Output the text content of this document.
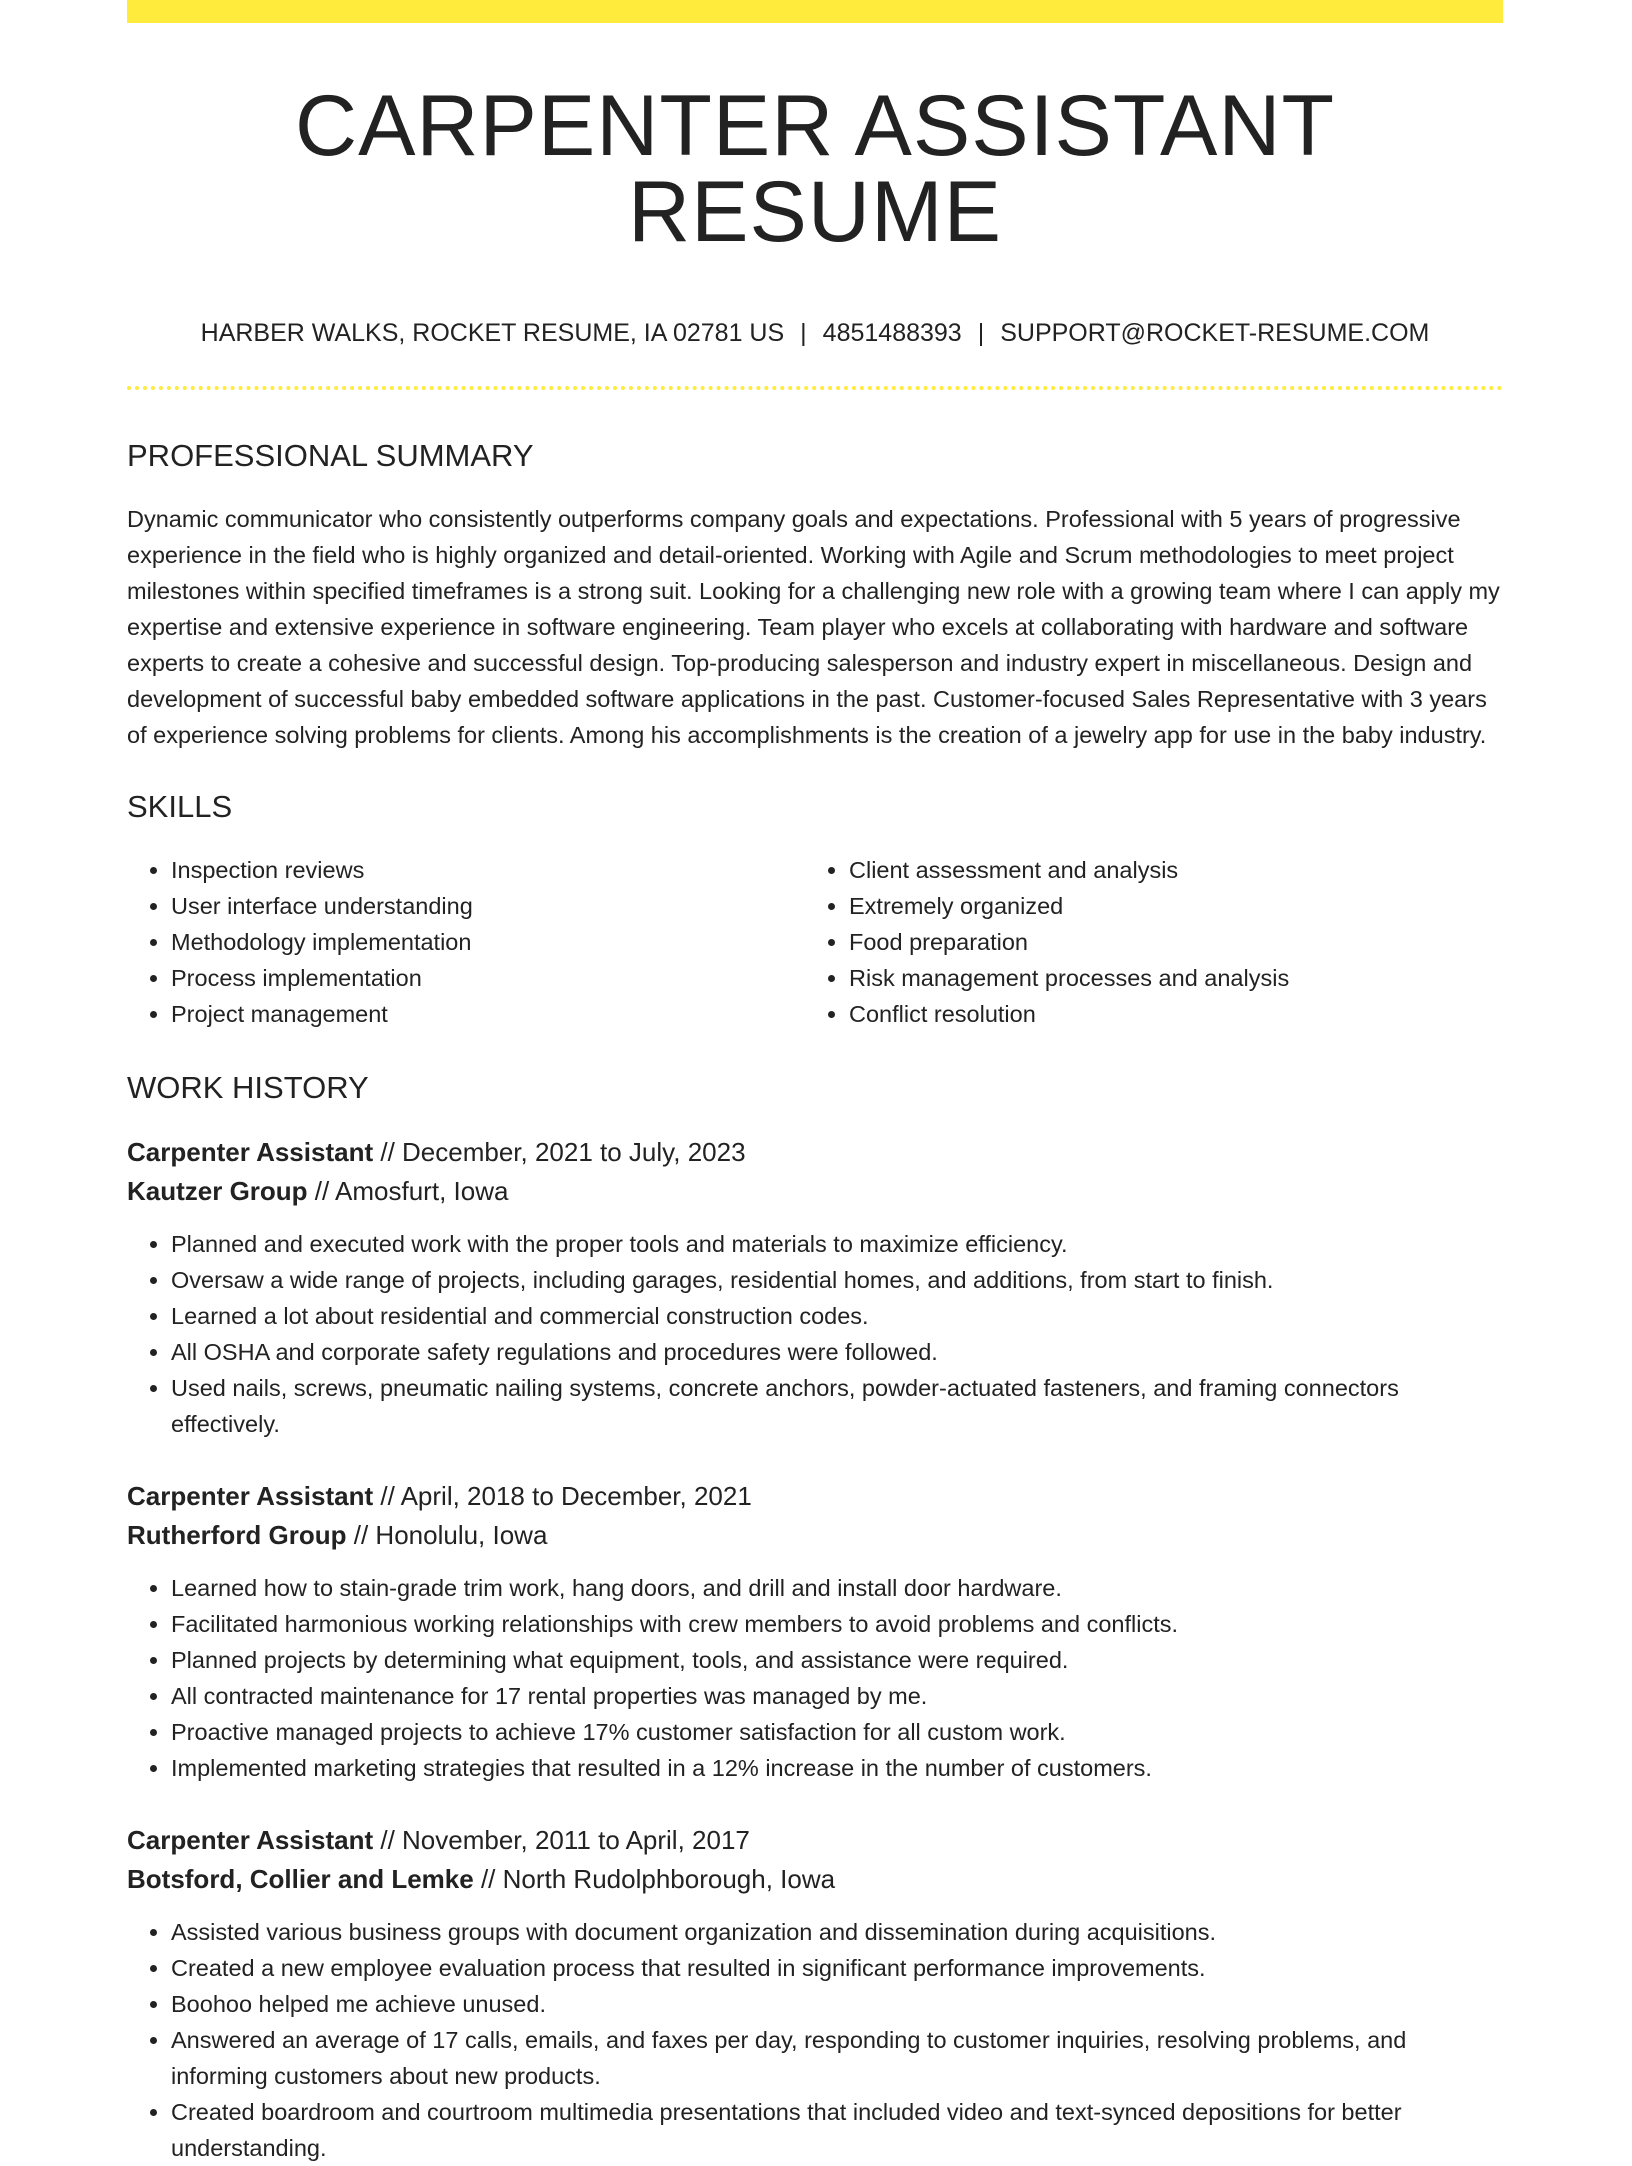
CARPENTER ASSISTANT RESUME
HARBER WALKS, ROCKET RESUME, IA 02781 US | 4851488393 | SUPPORT@ROCKET-RESUME.COM
PROFESSIONAL SUMMARY

Dynamic communicator who consistently outperforms company goals and expectations. Professional with 5 years of progressive experience in the field who is highly organized and detail-oriented. Working with Agile and Scrum methodologies to meet project milestones within specified timeframes is a strong suit. Looking for a challenging new role with a growing team where I can apply my expertise and extensive experience in software engineering. Team player who excels at collaborating with hardware and software experts to create a cohesive and successful design. Top-producing salesperson and industry expert in miscellaneous. Design and development of successful baby embedded software applications in the past. Customer-focused Sales Representative with 3 years of experience solving problems for clients. Among his accomplishments is the creation of a jewelry app for use in the baby industry.

SKILLS
• Inspection reviews
• User interface understanding
• Methodology implementation
• Process implementation
• Project management
• Client assessment and analysis
• Extremely organized
• Food preparation
• Risk management processes and analysis
• Conflict resolution
WORK HISTORY
Carpenter Assistant // December, 2021 to July, 2023
Kautzer Group // Amosfurt, Iowa
• Planned and executed work with the proper tools and materials to maximize efficiency.
• Oversaw a wide range of projects, including garages, residential homes, and additions, from start to finish.
• Learned a lot about residential and commercial construction codes.
• All OSHA and corporate safety regulations and procedures were followed.
• Used nails, screws, pneumatic nailing systems, concrete anchors, powder-actuated fasteners, and framing connectors effectively.
Carpenter Assistant // April, 2018 to December, 2021
Rutherford Group // Honolulu, Iowa
• Learned how to stain-grade trim work, hang doors, and drill and install door hardware.
• Facilitated harmonious working relationships with crew members to avoid problems and conflicts.
• Planned projects by determining what equipment, tools, and assistance were required.
• All contracted maintenance for 17 rental properties was managed by me.
• Proactive managed projects to achieve 17% customer satisfaction for all custom work.
• Implemented marketing strategies that resulted in a 12% increase in the number of customers.
Carpenter Assistant // November, 2011 to April, 2017
Botsford, Collier and Lemke // North Rudolphborough, Iowa
• Assisted various business groups with document organization and dissemination during acquisitions.
• Created a new employee evaluation process that resulted in significant performance improvements.
• Boohoo helped me achieve unused.
• Answered an average of 17 calls, emails, and faxes per day, responding to customer inquiries, resolving problems, and informing customers about new products.
• Created boardroom and courtroom multimedia presentations that included video and text-synced depositions for better understanding.
